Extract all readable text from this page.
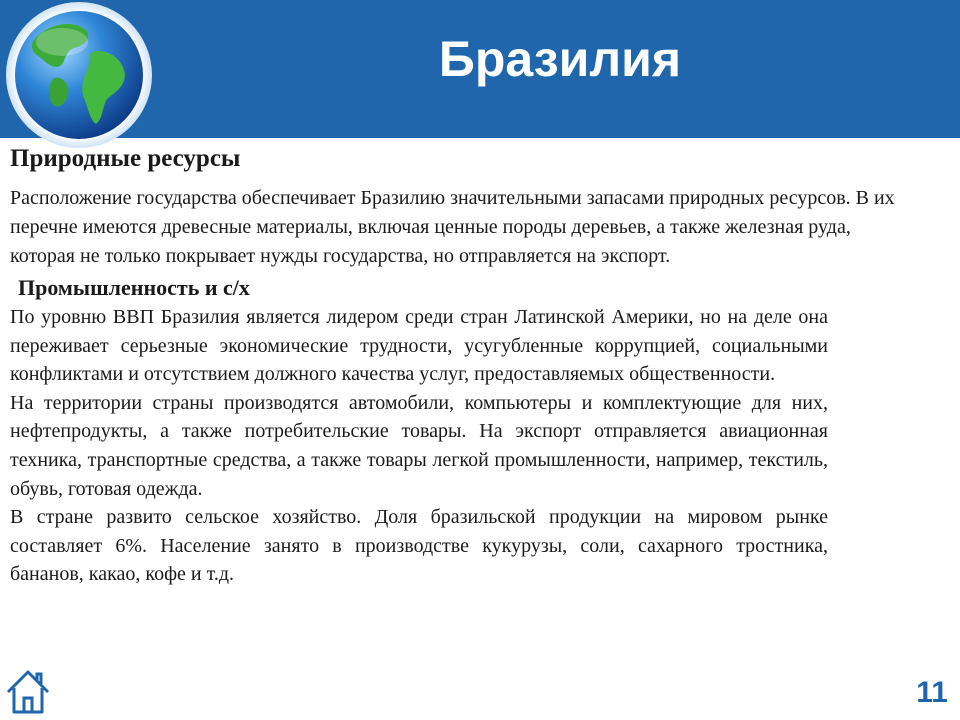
Бразилия
Природные ресурсы
Расположение государства обеспечивает Бразилию значительными запасами природных ресурсов. В их перечне имеются древесные материалы, включая ценные породы деревьев, а также железная руда, которая не только покрывает нужды государства, но отправляется на экспорт.
Промышленность и с/х

По уровню ВВП Бразилия является лидером среди стран Латинской Америки, но на деле она переживает серьезные экономические трудности, усугубленные коррупцией, социальными конфликтами и отсутствием должного качества услуг, предоставляемых общественности.

На территории страны производятся автомобили, компьютеры и комплектующие для них, нефтепродукты, а также потребительские товары. На экспорт отправляется авиационная техника, транспортные средства, а также товары легкой промышленности, например, текстиль, обувь, готовая одежда.

В стране развито сельское хозяйство. Доля бразильской продукции на мировом рынке составляет 6%. Население занято в производстве кукурузы, соли, сахарного тростника, бананов, какао, кофе и т.д.

11
